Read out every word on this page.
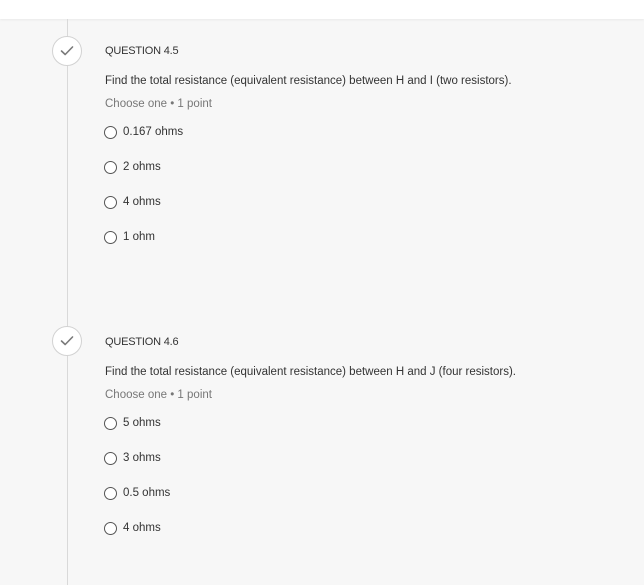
QUESTION 4.5
Find the total resistance (equivalent resistance) between H and I (two resistors).
Choose one • 1 point
0.167 ohms
2 ohms
4 ohms
1 ohm
QUESTION 4.6
Find the total resistance (equivalent resistance) between H and J (four resistors).
Choose one • 1 point
5 ohms
3 ohms
0.5 ohms
4 ohms
